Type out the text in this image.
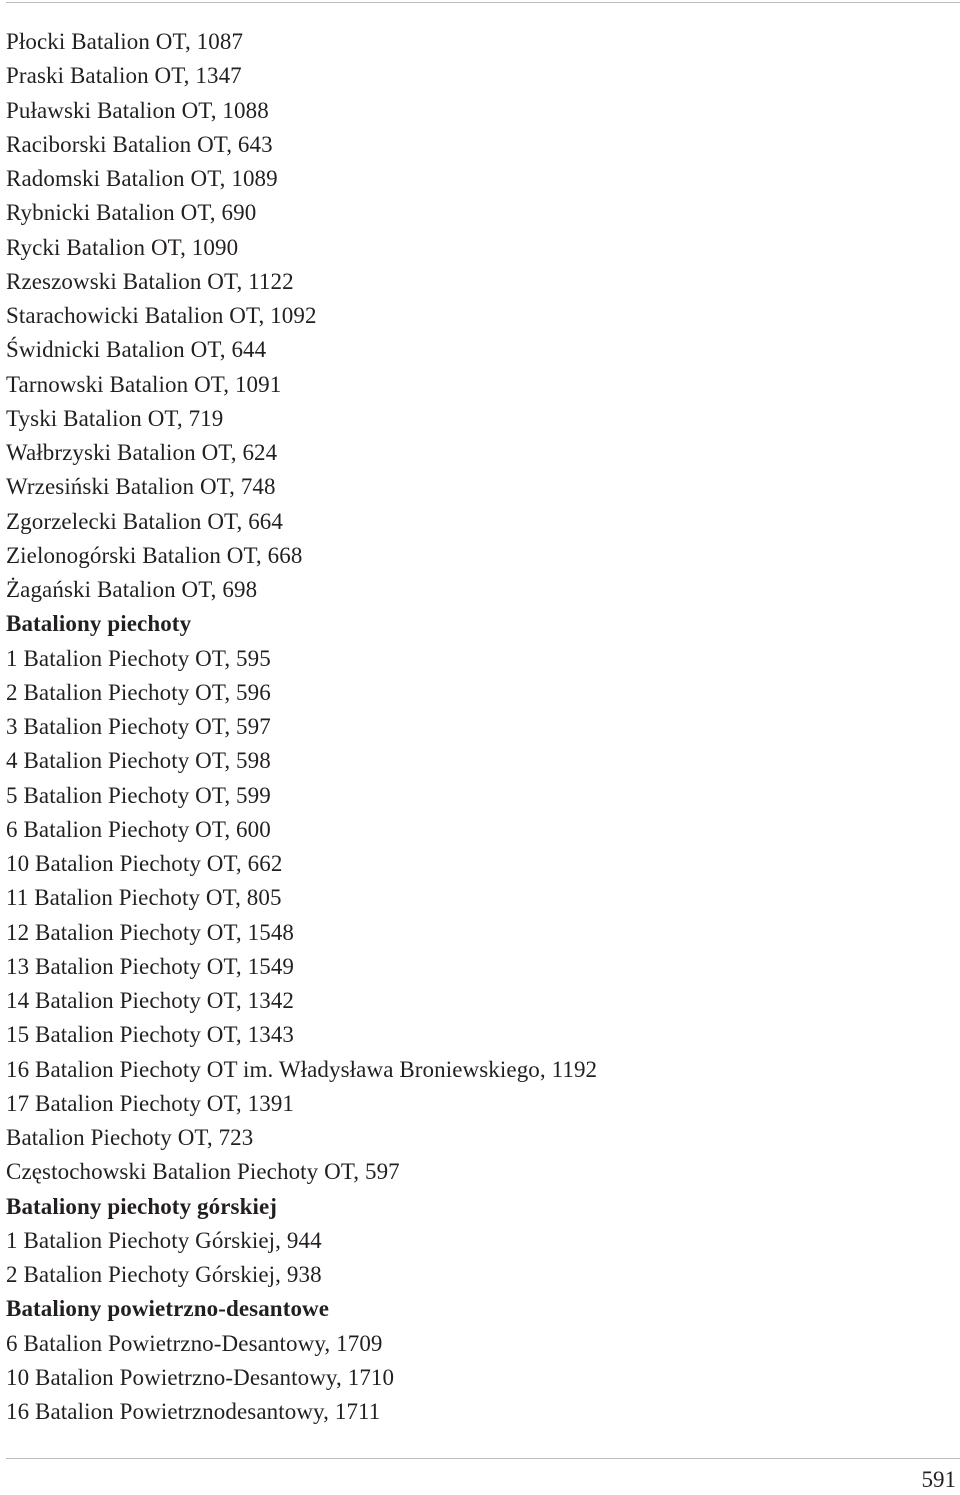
Płocki Batalion OT, 1087
Praski Batalion OT, 1347
Puławski Batalion OT, 1088
Raciborski Batalion OT, 643
Radomski Batalion OT, 1089
Rybnicki Batalion OT, 690
Rycki Batalion OT, 1090
Rzeszowski Batalion OT, 1122
Starachowicki Batalion OT, 1092
Świdnicki Batalion OT, 644
Tarnowski Batalion OT, 1091
Tyski Batalion OT, 719
Wałbrzyski Batalion OT, 624
Wrzesiński Batalion OT, 748
Zgorzelecki Batalion OT, 664
Zielonogórski Batalion OT, 668
Żagański Batalion OT, 698
Bataliony piechoty
1 Batalion Piechoty OT, 595
2 Batalion Piechoty OT, 596
3 Batalion Piechoty OT, 597
4 Batalion Piechoty OT, 598
5 Batalion Piechoty OT, 599
6 Batalion Piechoty OT, 600
10 Batalion Piechoty OT, 662
11 Batalion Piechoty OT, 805
12 Batalion Piechoty OT, 1548
13 Batalion Piechoty OT, 1549
14 Batalion Piechoty OT, 1342
15 Batalion Piechoty OT, 1343
16 Batalion Piechoty OT im. Władysława Broniewskiego, 1192
17 Batalion Piechoty OT, 1391
Batalion Piechoty OT, 723
Częstochowski Batalion Piechoty OT, 597
Bataliony piechoty górskiej
1 Batalion Piechoty Górskiej, 944
2 Batalion Piechoty Górskiej, 938
Bataliony powietrzno-desantowe
6 Batalion Powietrzno-Desantowy, 1709
10 Batalion Powietrzno-Desantowy, 1710
16 Batalion Powietrznodesantowy, 1711
591
